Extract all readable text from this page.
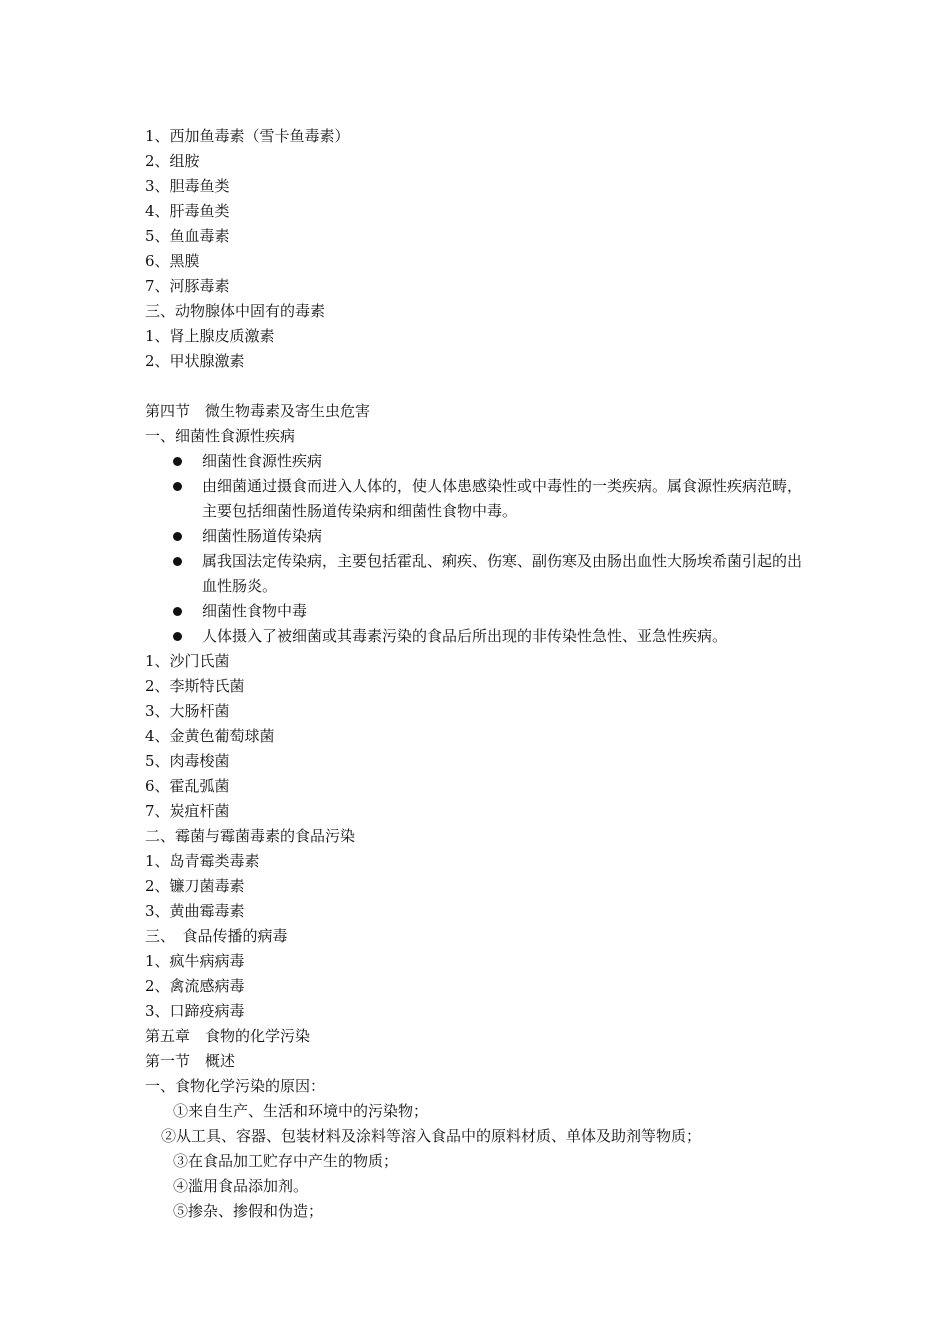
1、西加鱼毒素（雪卡鱼毒素）
2、组胺
3、胆毒鱼类
4、肝毒鱼类
5、鱼血毒素
6、黑膜
7、河豚毒素
三、动物腺体中固有的毒素
1、肾上腺皮质激素
2、甲状腺激素
第四节　微生物毒素及寄生虫危害
一、细菌性食源性疾病
细菌性食源性疾病
由细菌通过摄食而进入人体的，使人体患感染性或中毒性的一类疾病。属食源性疾病范畴，主要包括细菌性肠道传染病和细菌性食物中毒。
细菌性肠道传染病
属我国法定传染病，主要包括霍乱、痢疾、伤寒、副伤寒及由肠出血性大肠埃希菌引起的出血性肠炎。
细菌性食物中毒
人体摄入了被细菌或其毒素污染的食品后所出现的非传染性急性、亚急性疾病。
1、沙门氏菌
2、李斯特氏菌
3、大肠杆菌
4、金黄色葡萄球菌
5、肉毒梭菌
6、霍乱弧菌
7、炭疽杆菌
二、霉菌与霉菌毒素的食品污染
1、岛青霉类毒素
2、镰刀菌毒素
3、黄曲霉毒素
三、　食品传播的病毒
1、疯牛病病毒
2、禽流感病毒
3、口蹄疫病毒
第五章　食物的化学污染
第一节　概述
一、食物化学污染的原因：
①来自生产、生活和环境中的污染物；
②从工具、容器、包装材料及涂料等溶入食品中的原料材质、单体及助剂等物质；
③在食品加工贮存中产生的物质；
④滥用食品添加剂。
⑤掺杂、掺假和伪造；
